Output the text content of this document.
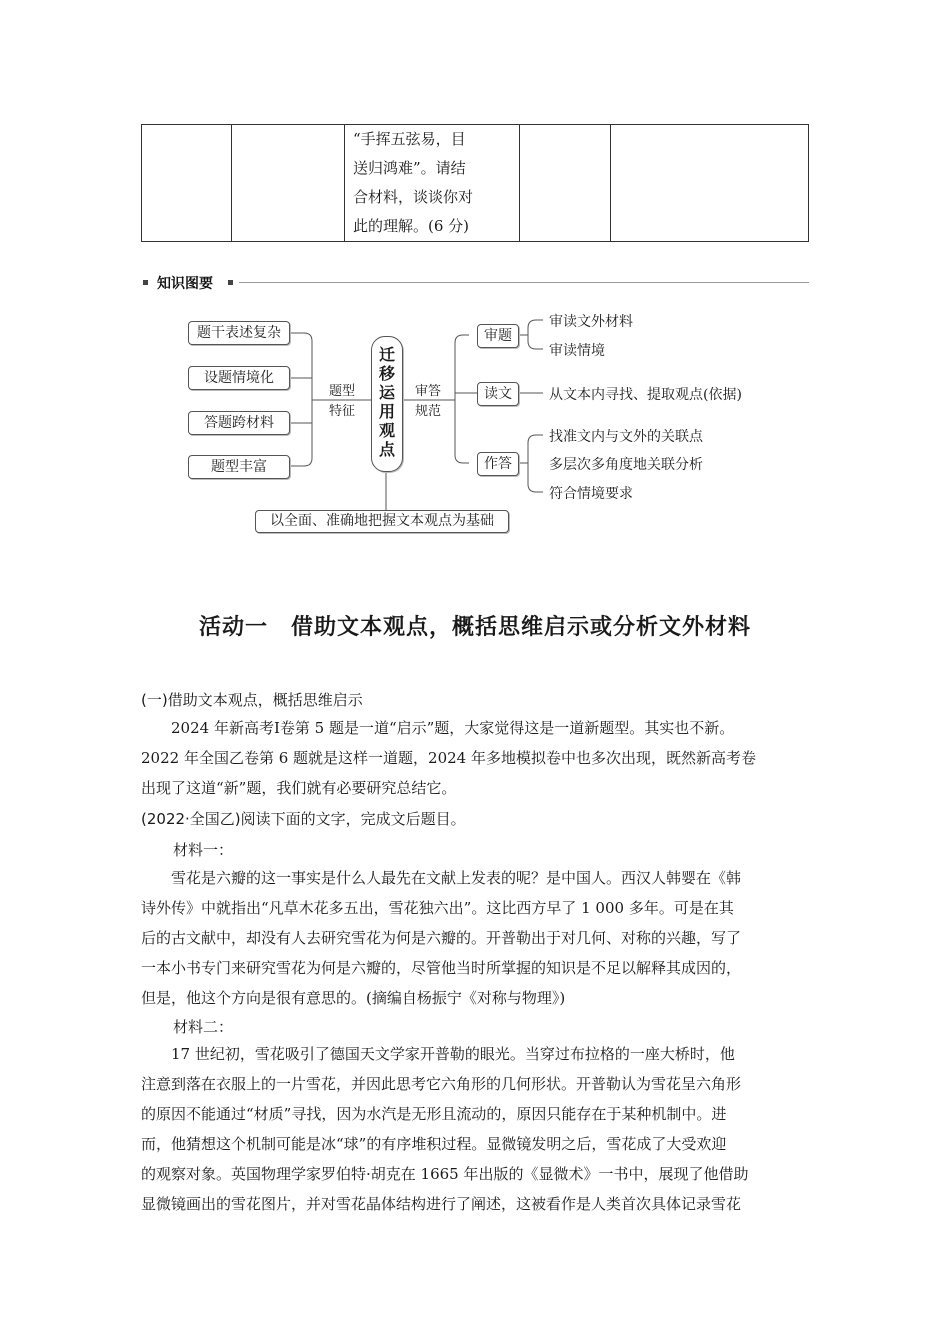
“手挥五弦易，目
送归鸿难”。请结
合材料，谈谈你对
此的理解。(6 分)

知识图要
题干表述复杂
设题情境化
答题跨材料
题型丰富
题型
特征
迁移运用观点
审答
规范
审题
读文
作答
审读文外材料
审读情境
从文本内寻找、提取观点(依据)
找准文内与文外的关联点
多层次多角度地关联分析
符合情境要求
以全面、准确地把握文本观点为基础
活动一　借助文本观点，概括思维启示或分析文外材料
(一)借助文本观点，概括思维启示
2024 年新高考Ⅰ卷第 5 题是一道“启示”题，大家觉得这是一道新题型。其实也不新。
2022 年全国乙卷第 6 题就是这样一道题，2024 年多地模拟卷中也多次出现，既然新高考卷
出现了这道“新”题，我们就有必要研究总结它。
(2022·全国乙)阅读下面的文字，完成文后题目。
材料一：
雪花是六瓣的这一事实是什么人最先在文献上发表的呢？是中国人。西汉人韩婴在《韩
诗外传》中就指出“凡草木花多五出，雪花独六出”。这比西方早了 1 000 多年。可是在其
后的古文献中，却没有人去研究雪花为何是六瓣的。开普勒出于对几何、对称的兴趣，写了
一本小书专门来研究雪花为何是六瓣的，尽管他当时所掌握的知识是不足以解释其成因的，
但是，他这个方向是很有意思的。(摘编自杨振宁《对称与物理》)
材料二：
17 世纪初，雪花吸引了德国天文学家开普勒的眼光。当穿过布拉格的一座大桥时，他
注意到落在衣服上的一片雪花，并因此思考它六角形的几何形状。开普勒认为雪花呈六角形
的原因不能通过“材质”寻找，因为水汽是无形且流动的，原因只能存在于某种机制中。进
而，他猜想这个机制可能是冰“球”的有序堆积过程。显微镜发明之后，雪花成了大受欢迎
的观察对象。英国物理学家罗伯特·胡克在 1665 年出版的《显微术》一书中，展现了他借助
显微镜画出的雪花图片，并对雪花晶体结构进行了阐述，这被看作是人类首次具体记录雪花
